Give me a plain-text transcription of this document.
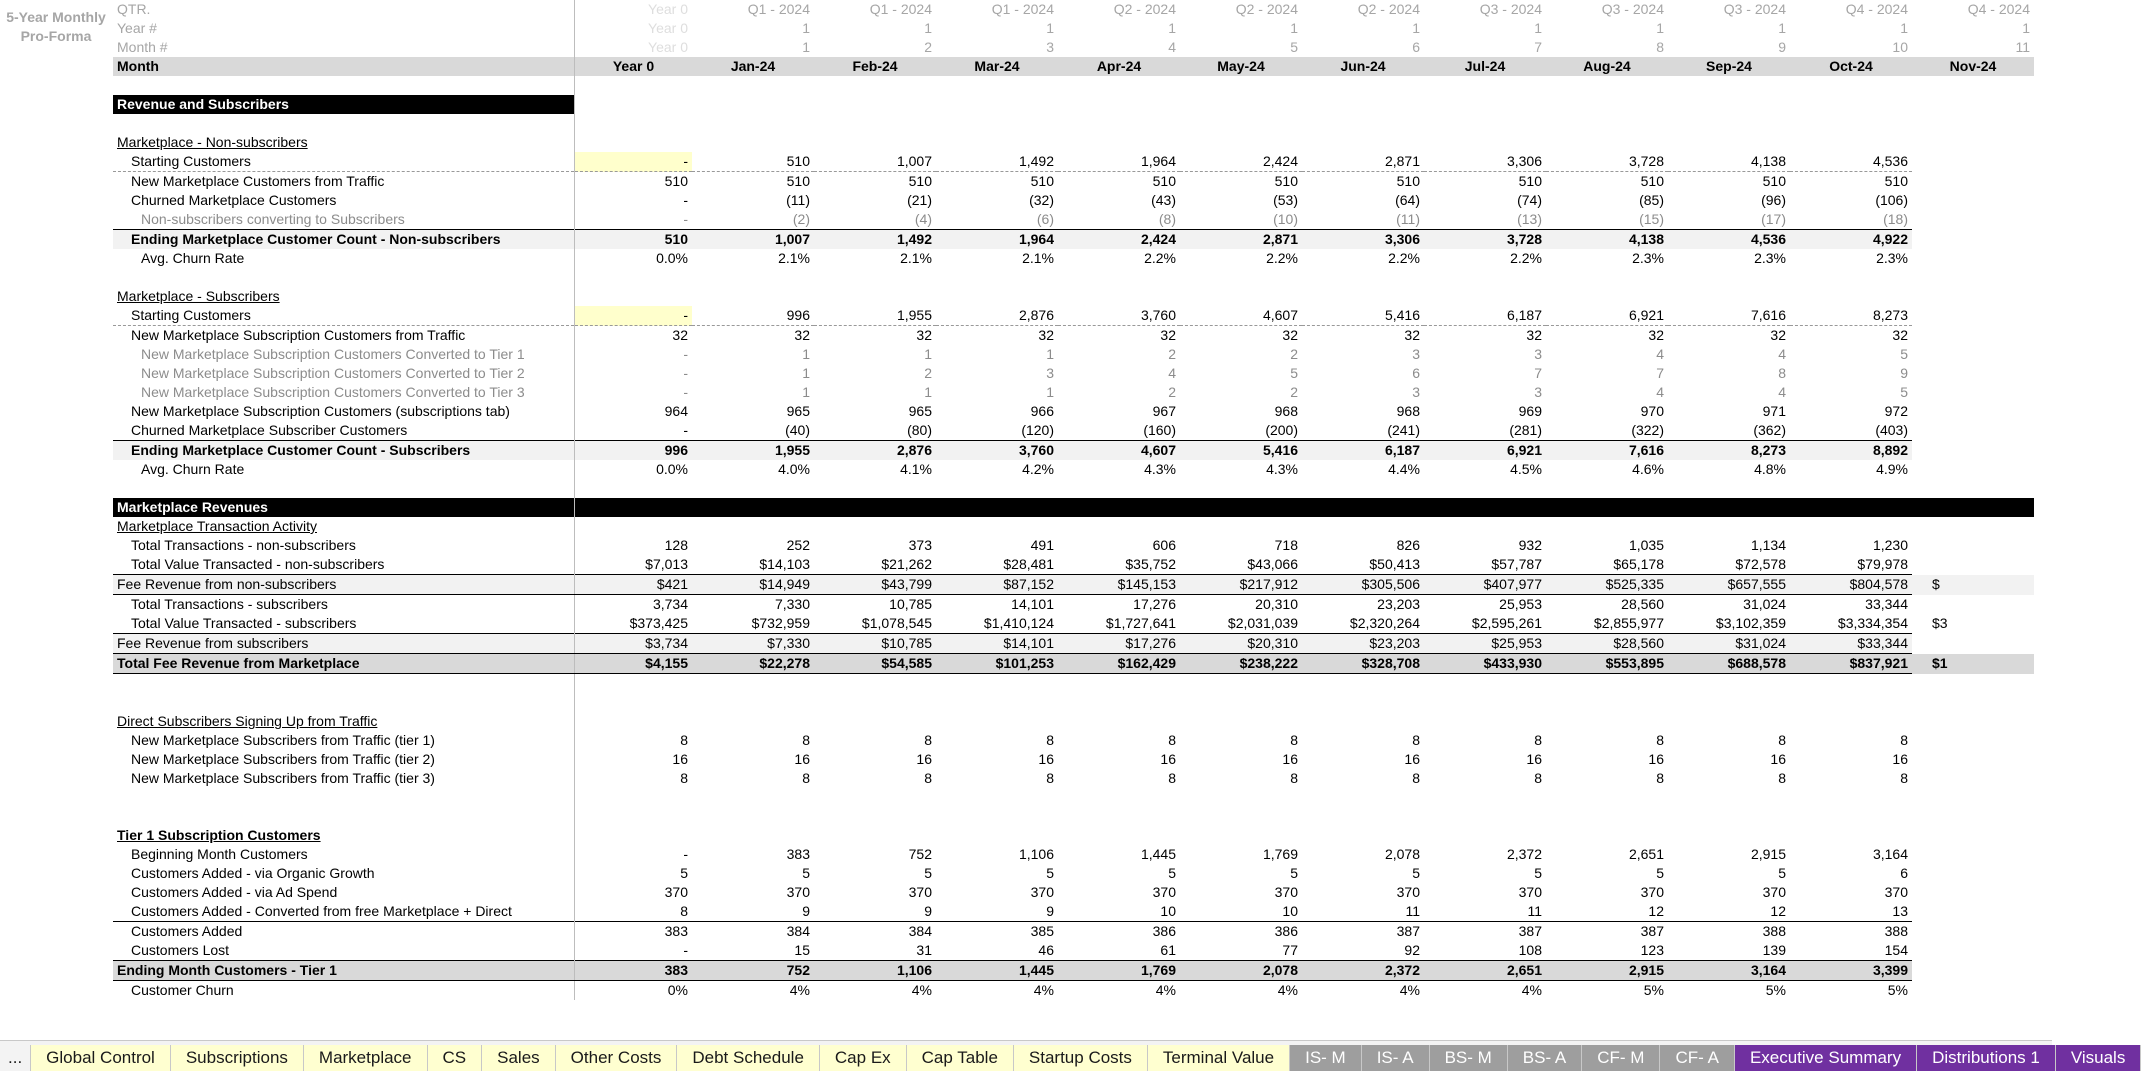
5-Year Monthly Pro-Forma	QTR.	Year 0	Q1 - 2024	Q1 - 2024	Q1 - 2024	Q2 - 2024	Q2 - 2024	Q2 - 2024	Q3 - 2024	Q3 - 2024	Q3 - 2024	Q4 - 2024	Q4 - 2024
	Year #	Year 0	1	1	1	1	1	1	1	1	1	1	1
	Month #	Year 0	1	2	3	4	5	6	7	8	9	10	11
	Month	Year 0	Jan-24	Feb-24	Mar-24	Apr-24	May-24	Jun-24	Jul-24	Aug-24	Sep-24	Oct-24	Nov-24

	Revenue and Subscribers												

	Marketplace - Non-subscribers												
	Starting Customers	-	510	1,007	1,492	1,964	2,424	2,871	3,306	3,728	4,138	4,536	
	New Marketplace Customers from Traffic	510	510	510	510	510	510	510	510	510	510	510	
	Churned Marketplace Customers	-	(11)	(21)	(32)	(43)	(53)	(64)	(74)	(85)	(96)	(106)	
	Non-subscribers converting to Subscribers	-	(2)	(4)	(6)	(8)	(10)	(11)	(13)	(15)	(17)	(18)	
	Ending Marketplace Customer Count - Non-subscribers	510	1,007	1,492	1,964	2,424	2,871	3,306	3,728	4,138	4,536	4,922	
	Avg. Churn Rate	0.0%	2.1%	2.1%	2.1%	2.2%	2.2%	2.2%	2.2%	2.3%	2.3%	2.3%	

	Marketplace - Subscribers												
	Starting Customers	-	996	1,955	2,876	3,760	4,607	5,416	6,187	6,921	7,616	8,273	
	New Marketplace Subscription Customers from Traffic	32	32	32	32	32	32	32	32	32	32	32	
	New Marketplace Subscription Customers Converted to Tier 1	-	1	1	1	2	2	3	3	4	4	5	
	New Marketplace Subscription Customers Converted to Tier 2	-	1	2	3	4	5	6	7	7	8	9	
	New Marketplace Subscription Customers Converted to Tier 3	-	1	1	1	2	2	3	3	4	4	5	
	New Marketplace Subscription Customers (subscriptions tab)	964	965	965	966	967	968	968	969	970	971	972	
	Churned Marketplace Subscriber Customers	-	(40)	(80)	(120)	(160)	(200)	(241)	(281)	(322)	(362)	(403)	
	Ending Marketplace Customer Count - Subscribers	996	1,955	2,876	3,760	4,607	5,416	6,187	6,921	7,616	8,273	8,892	
	Avg. Churn Rate	0.0%	4.0%	4.1%	4.2%	4.3%	4.3%	4.4%	4.5%	4.6%	4.8%	4.9%	

	Marketplace Revenues												
	Marketplace Transaction Activity												
	Total Transactions - non-subscribers	128	252	373	491	606	718	826	932	1,035	1,134	1,230	
	Total Value Transacted - non-subscribers	$7,013	$14,103	$21,262	$28,481	$35,752	$43,066	$50,413	$57,787	$65,178	$72,578	$79,978	
	Fee Revenue from non-subscribers	$421	$14,949	$43,799	$87,152	$145,153	$217,912	$305,506	$407,977	$525,335	$657,555	$804,578	$
	Total Transactions - subscribers	3,734	7,330	10,785	14,101	17,276	20,310	23,203	25,953	28,560	31,024	33,344	
	Total Value Transacted - subscribers	$373,425	$732,959	$1,078,545	$1,410,124	$1,727,641	$2,031,039	$2,320,264	$2,595,261	$2,855,977	$3,102,359	$3,334,354	$3
	Fee Revenue from subscribers	$3,734	$7,330	$10,785	$14,101	$17,276	$20,310	$23,203	$25,953	$28,560	$31,024	$33,344	
	Total Fee Revenue from Marketplace	$4,155	$22,278	$54,585	$101,253	$162,429	$238,222	$328,708	$433,930	$553,895	$688,578	$837,921	$1

	Direct Subscribers Signing Up from Traffic												
	New Marketplace Subscribers from Traffic (tier 1)	8	8	8	8	8	8	8	8	8	8	8	
	New Marketplace Subscribers from Traffic (tier 2)	16	16	16	16	16	16	16	16	16	16	16	
	New Marketplace Subscribers from Traffic (tier 3)	8	8	8	8	8	8	8	8	8	8	8	

	Tier 1 Subscription Customers												
	Beginning Month Customers	-	383	752	1,106	1,445	1,769	2,078	2,372	2,651	2,915	3,164	
	Customers Added - via Organic Growth	5	5	5	5	5	5	5	5	5	5	6	
	Customers Added - via Ad Spend	370	370	370	370	370	370	370	370	370	370	370	
	Customers Added - Converted from free Marketplace + Direct	8	9	9	9	10	10	11	11	12	12	13	
	Customers Added	383	384	384	385	386	386	387	387	387	388	388	
	Customers Lost	-	15	31	46	61	77	92	108	123	139	154	
	Ending Month Customers - Tier 1	383	752	1,106	1,445	1,769	2,078	2,372	2,651	2,915	3,164	3,399	
	Customer Churn	0%	4%	4%	4%	4%	4%	4%	4%	5%	5%	5%	
...	Global Control	Subscriptions	Marketplace	CS	Sales	Other Costs	Debt Schedule	Cap Ex	Cap Table	Startup Costs	Terminal Value	IS- M	IS- A	BS- M	BS- A	CF- M	CF- A	Executive Summary	Distributions 1	Visuals
